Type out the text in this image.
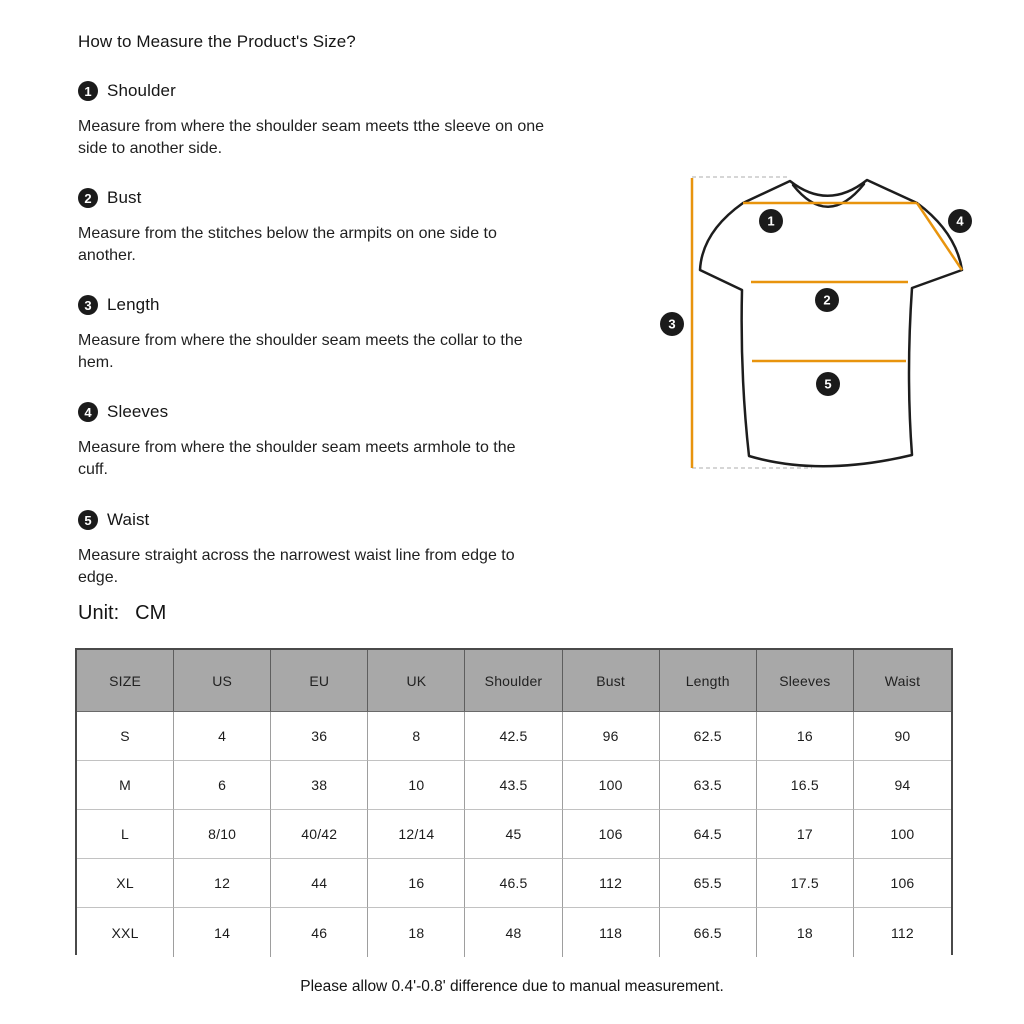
How to Measure the Product's Size?
1 Shoulder
Measure from where the shoulder seam meets tthe sleeve on one
side to another side.
2 Bust
Measure from the stitches below the armpits on one side to
another.
3 Length
Measure from where the shoulder seam meets the collar to the
hem.
4 Sleeves
Measure from where the shoulder seam meets armhole to the
cuff.
5 Waist
Measure straight across the narrowest waist line from edge to
edge.
Unit: CM
1
2
3
4
5
SIZE	US	EU	UK	Shoulder	Bust	Length	Sleeves	Waist
S	4	36	8	42.5	96	62.5	16	90
M	6	38	10	43.5	100	63.5	16.5	94
L	8/10	40/42	12/14	45	106	64.5	17	100
XL	12	44	16	46.5	112	65.5	17.5	106
XXL	14	46	18	48	118	66.5	18	112
Please allow 0.4'-0.8' difference due to manual measurement.
